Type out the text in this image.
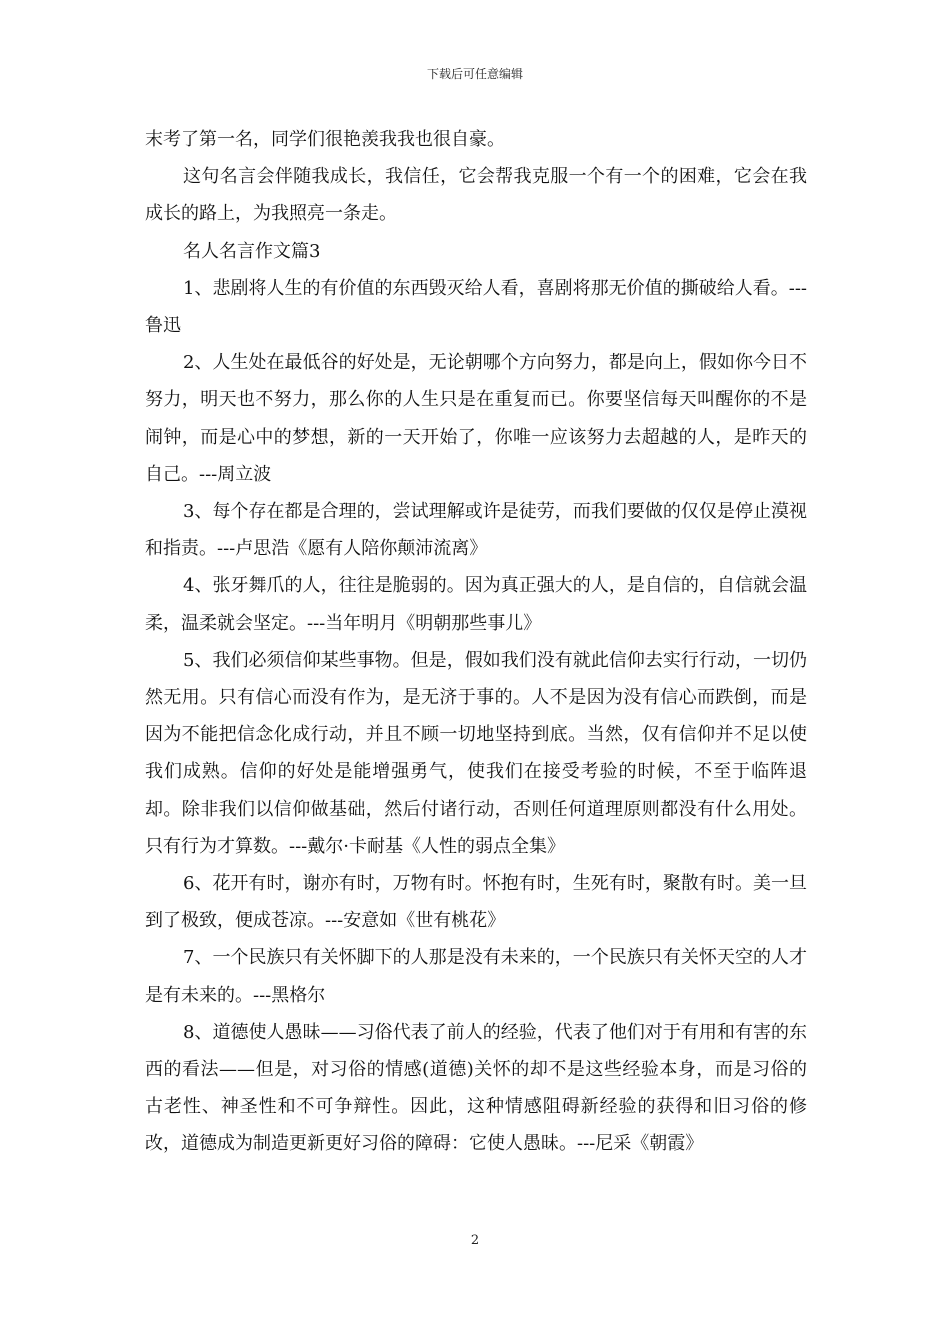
下载后可任意编辑

末考了第一名，同学们很艳羡我我也很自豪。

这句名言会伴随我成长，我信任，它会帮我克服一个有一个的困难，它会在我成长的路上，为我照亮一条走。

名人名言作文篇3

1、悲剧将人生的有价值的东西毁灭给人看，喜剧将那无价值的撕破给人看。---鲁迅

2、人生处在最低谷的好处是，无论朝哪个方向努力，都是向上，假如你今日不努力，明天也不努力，那么你的人生只是在重复而已。你要坚信每天叫醒你的不是闹钟，而是心中的梦想，新的一天开始了，你唯一应该努力去超越的人，是昨天的自己。---周立波

3、每个存在都是合理的，尝试理解或许是徒劳，而我们要做的仅仅是停止漠视和指责。---卢思浩《愿有人陪你颠沛流离》

4、张牙舞爪的人，往往是脆弱的。因为真正强大的人，是自信的，自信就会温柔，温柔就会坚定。---当年明月《明朝那些事儿》

5、我们必须信仰某些事物。但是，假如我们没有就此信仰去实行行动，一切仍然无用。只有信心而没有作为，是无济于事的。人不是因为没有信心而跌倒，而是因为不能把信念化成行动，并且不顾一切地坚持到底。当然，仅有信仰并不足以使我们成熟。信仰的好处是能增强勇气，使我们在接受考验的时候，不至于临阵退却。除非我们以信仰做基础，然后付诸行动，否则任何道理原则都没有什么用处。只有行为才算数。---戴尔·卡耐基《人性的弱点全集》

6、花开有时，谢亦有时，万物有时。怀抱有时，生死有时，聚散有时。美一旦到了极致，便成苍凉。---安意如《世有桃花》

7、一个民族只有关怀脚下的人那是没有未来的，一个民族只有关怀天空的人才是有未来的。---黑格尔

8、道德使人愚昧——习俗代表了前人的经验，代表了他们对于有用和有害的东西的看法——但是，对习俗的情感(道德)关怀的却不是这些经验本身，而是习俗的古老性、神圣性和不可争辩性。因此，这种情感阻碍新经验的获得和旧习俗的修改，道德成为制造更新更好习俗的障碍：它使人愚昧。---尼采《朝霞》

2
